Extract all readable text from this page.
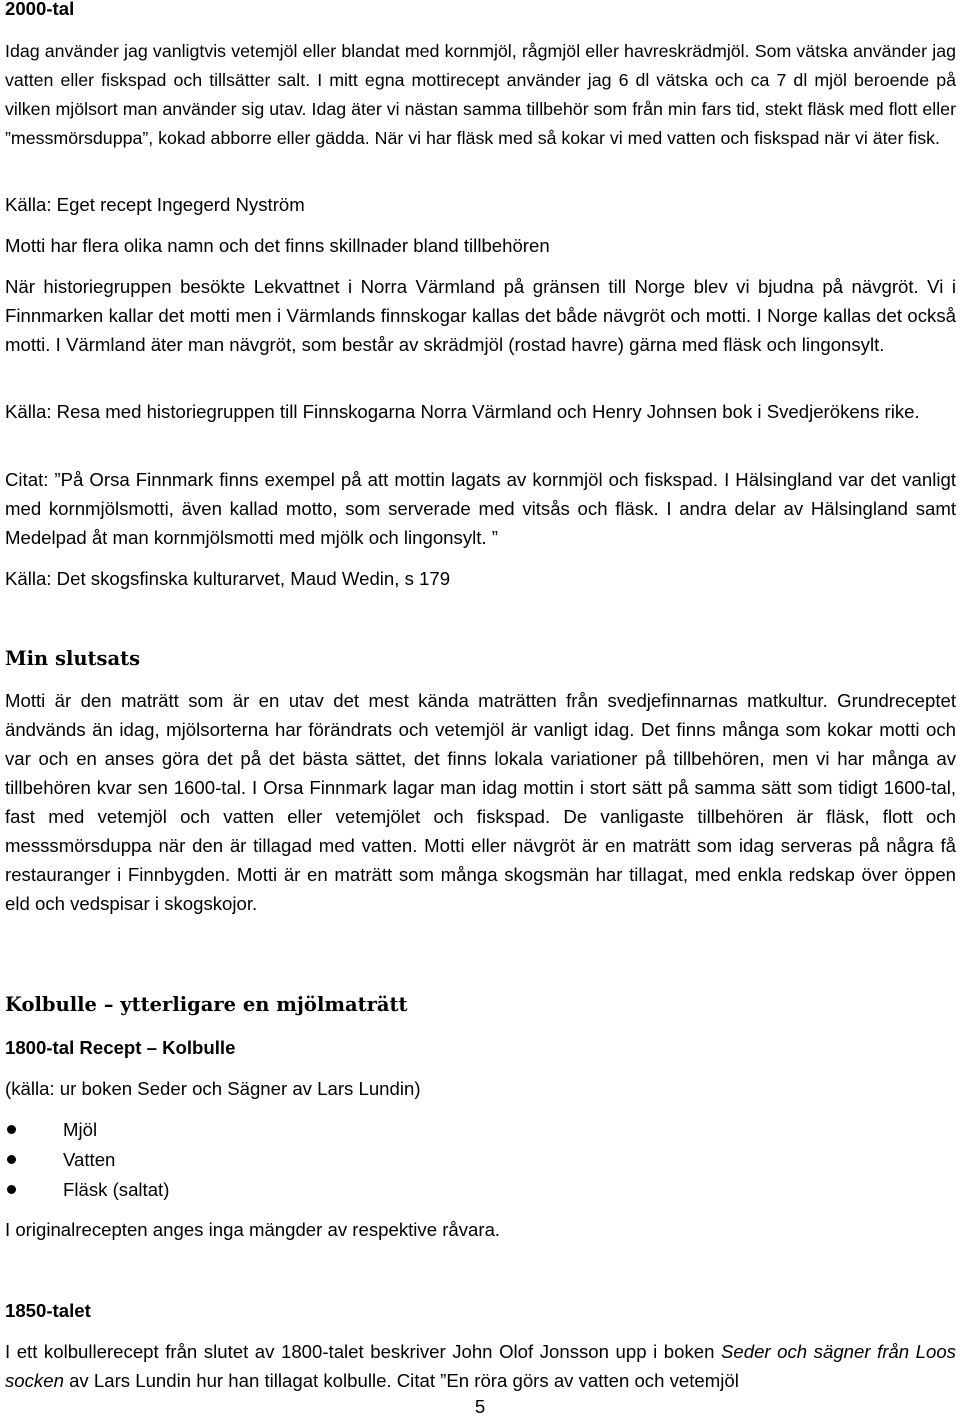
2000-tal

Idag använder jag vanligtvis vetemjöl eller blandat med kornmjöl, rågmjöl eller havreskrädmjöl. Som vätska använder jag vatten eller fiskspad och tillsätter salt. I mitt egna mottirecept använder jag 6 dl vätska och ca 7 dl mjöl beroende på vilken mjölsort man använder sig utav. Idag äter vi nästan samma tillbehör som från min fars tid, stekt fläsk med flott eller ”messmörsduppa”, kokad abborre eller gädda. När vi har fläsk med så kokar vi med vatten och fiskspad när vi äter fisk.

Källa: Eget recept Ingegerd Nyström

Motti har flera olika namn och det finns skillnader bland tillbehören

När historiegruppen besökte Lekvattnet i Norra Värmland på gränsen till Norge blev vi bjudna på nävgröt. Vi i Finnmarken kallar det motti men i Värmlands finnskogar kallas det både nävgröt och motti. I Norge kallas det också motti. I Värmland äter man nävgröt, som består av skrädmjöl (rostad havre) gärna med fläsk och lingonsylt.

Källa: Resa med historiegruppen till Finnskogarna Norra Värmland och Henry Johnsen bok i Svedjerökens rike.

Citat: ”På Orsa Finnmark finns exempel på att mottin lagats av kornmjöl och fiskspad. I Hälsingland var det vanligt med kornmjölsmotti, även kallad motto, som serverade med vitsås och fläsk. I andra delar av Hälsingland samt Medelpad åt man kornmjölsmotti med mjölk och lingonsylt. ”

Källa: Det skogsfinska kulturarvet, Maud Wedin, s 179

Min slutsats

Motti är den maträtt som är en utav det mest kända maträtten från svedjefinnarnas matkultur. Grundreceptet ändvänds än idag, mjölsorterna har förändrats och vetemjöl är vanligt idag. Det finns många som kokar motti och var och en anses göra det på det bästa sättet, det finns lokala variationer på tillbehören, men vi har många av tillbehören kvar sen 1600-tal. I Orsa Finnmark lagar man idag mottin i stort sätt på samma sätt som tidigt 1600-tal, fast med vetemjöl och vatten eller vetemjölet och fiskspad. De vanligaste tillbehören är fläsk, flott och messsmörsduppa när den är tillagad med vatten. Motti eller nävgröt är en maträtt som idag serveras på några få restauranger i Finnbygden. Motti är en maträtt som många skogsmän har tillagat, med enkla redskap över öppen eld och vedspisar i skogskojor.

Kolbulle – ytterligare en mjölmaträtt

1800-tal Recept – Kolbulle

(källa: ur boken Seder och Sägner av Lars Lundin)

Mjöl
Vatten
Fläsk (saltat)

I originalrecepten anges inga mängder av respektive råvara.

1850-talet

I ett kolbullerecept från slutet av 1800-talet beskriver John Olof Jonsson upp i boken Seder och sägner från Loos socken av Lars Lundin hur han tillagat kolbulle. Citat ”En röra görs av vatten och vetemjöl

5
